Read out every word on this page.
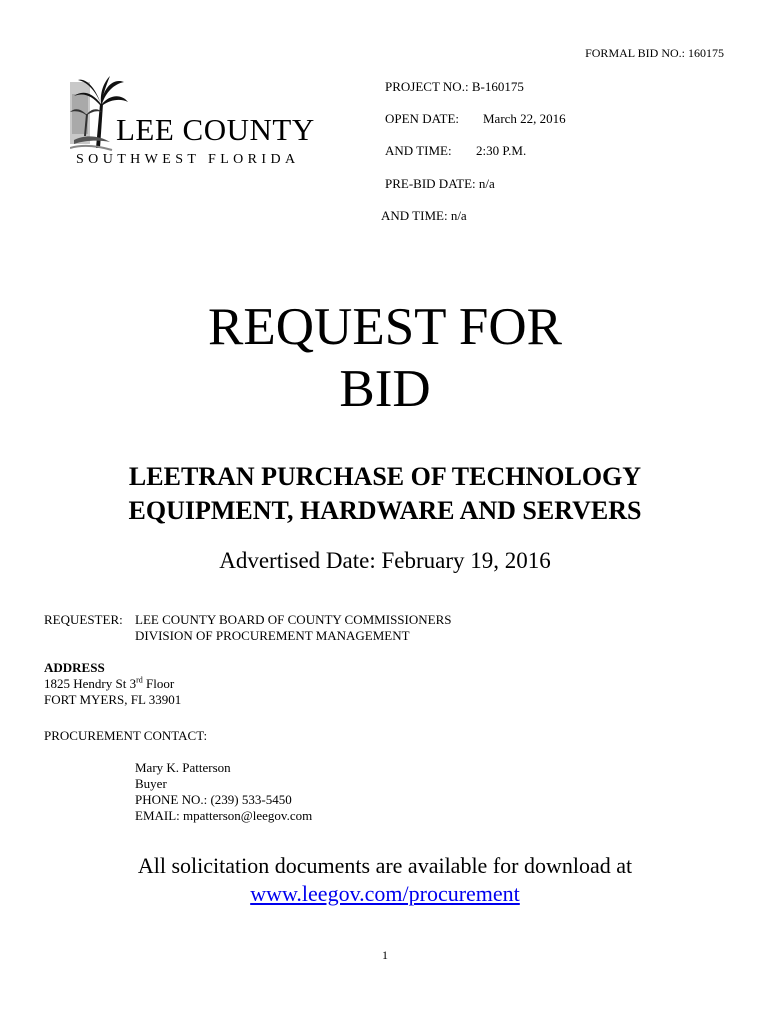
FORMAL BID NO.: 160175
LEE COUNTY
SOUTHWEST FLORIDA
PROJECT NO.: B-160175
OPEN DATE: March 22, 2016
AND TIME: 2:30 P.M.
PRE-BID DATE: n/a
AND TIME: n/a
REQUEST FOR
BID
LEETRAN PURCHASE OF TECHNOLOGY
EQUIPMENT, HARDWARE AND SERVERS
Advertised Date: February 19, 2016
REQUESTER: LEE COUNTY BOARD OF COUNTY COMMISSIONERS
DIVISION OF PROCUREMENT MANAGEMENT
ADDRESS
1825 Hendry St 3rd Floor
FORT MYERS, FL 33901
PROCUREMENT CONTACT:
Mary K. Patterson
Buyer
PHONE NO.: (239) 533-5450
EMAIL: mpatterson@leegov.com
All solicitation documents are available for download at
www.leegov.com/procurement
1
